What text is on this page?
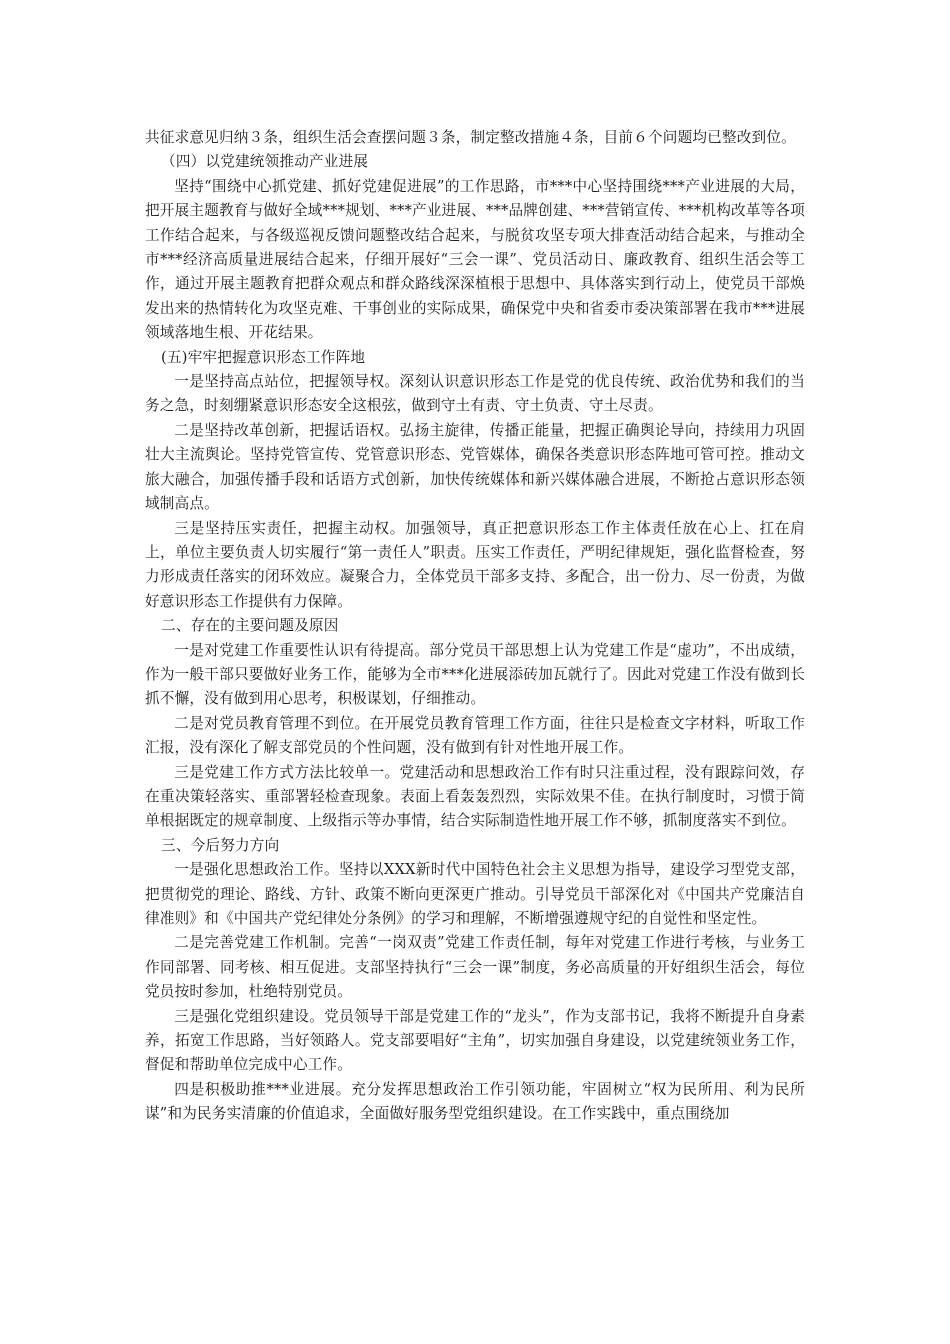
共征求意见归纳３条，组织生活会查摆问题３条，制定整改措施４条，目前６个问题均已整改到位。

（四）以党建统领推动产业进展

坚持“围绕中心抓党建、抓好党建促进展”的工作思路，市***中心坚持围绕***产业进展的大局，把开展主题教育与做好全域***规划、***产业进展、***品牌创建、***营销宣传、***机构改革等各项工作结合起来，与各级巡视反馈问题整改结合起来，与脱贫攻坚专项大排查活动结合起来，与推动全市***经济高质量进展结合起来，仔细开展好“三会一课”、党员活动日、廉政教育、组织生活会等工作，通过开展主题教育把群众观点和群众路线深深植根于思想中、具体落实到行动上，使党员干部焕发出来的热情转化为攻坚克难、干事创业的实际成果，确保党中央和省委市委决策部署在我市***进展领域落地生根、开花结果。

(五)牢牢把握意识形态工作阵地

一是坚持高点站位，把握领导权。深刻认识意识形态工作是党的优良传统、政治优势和我们的当务之急，时刻绷紧意识形态安全这根弦，做到守土有责、守土负责、守土尽责。

二是坚持改革创新，把握话语权。弘扬主旋律，传播正能量，把握正确舆论导向，持续用力巩固壮大主流舆论。坚持党管宣传、党管意识形态、党管媒体，确保各类意识形态阵地可管可控。推动文旅大融合，加强传播手段和话语方式创新，加快传统媒体和新兴媒体融合进展，不断抢占意识形态领域制高点。

三是坚持压实责任，把握主动权。加强领导，真正把意识形态工作主体责任放在心上、扛在肩上，单位主要负责人切实履行“第一责任人”职责。压实工作责任，严明纪律规矩，强化监督检查，努力形成责任落实的闭环效应。凝聚合力，全体党员干部多支持、多配合，出一份力、尽一份责，为做好意识形态工作提供有力保障。

二、存在的主要问题及原因

一是对党建工作重要性认识有待提高。部分党员干部思想上认为党建工作是“虚功”，不出成绩，作为一般干部只要做好业务工作，能够为全市***化进展添砖加瓦就行了。因此对党建工作没有做到长抓不懈，没有做到用心思考，积极谋划，仔细推动。

二是对党员教育管理不到位。在开展党员教育管理工作方面，往往只是检查文字材料，听取工作汇报，没有深化了解支部党员的个性问题，没有做到有针对性地开展工作。

三是党建工作方式方法比较单一。党建活动和思想政治工作有时只注重过程，没有跟踪问效，存在重决策轻落实、重部署轻检查现象。表面上看轰轰烈烈，实际效果不佳。在执行制度时，习惯于简单根据既定的规章制度、上级指示等办事情，结合实际制造性地开展工作不够，抓制度落实不到位。

三、今后努力方向

一是强化思想政治工作。坚持以XXX新时代中国特色社会主义思想为指导，建设学习型党支部，把贯彻党的理论、路线、方针、政策不断向更深更广推动。引导党员干部深化对《中国共产党廉洁自律准则》和《中国共产党纪律处分条例》的学习和理解，不断增强遵规守纪的自觉性和坚定性。

二是完善党建工作机制。完善“一岗双责”党建工作责任制，每年对党建工作进行考核，与业务工作同部署、同考核、相互促进。支部坚持执行“三会一课”制度，务必高质量的开好组织生活会，每位党员按时参加，杜绝特别党员。

三是强化党组织建设。党员领导干部是党建工作的“龙头”，作为支部书记，我将不断提升自身素养，拓宽工作思路，当好领路人。党支部要唱好“主角”，切实加强自身建设，以党建统领业务工作，督促和帮助单位完成中心工作。

四是积极助推***业进展。充分发挥思想政治工作引领功能，牢固树立“权为民所用、利为民所谋”和为民务实清廉的价值追求，全面做好服务型党组织建设。在工作实践中，重点围绕加
